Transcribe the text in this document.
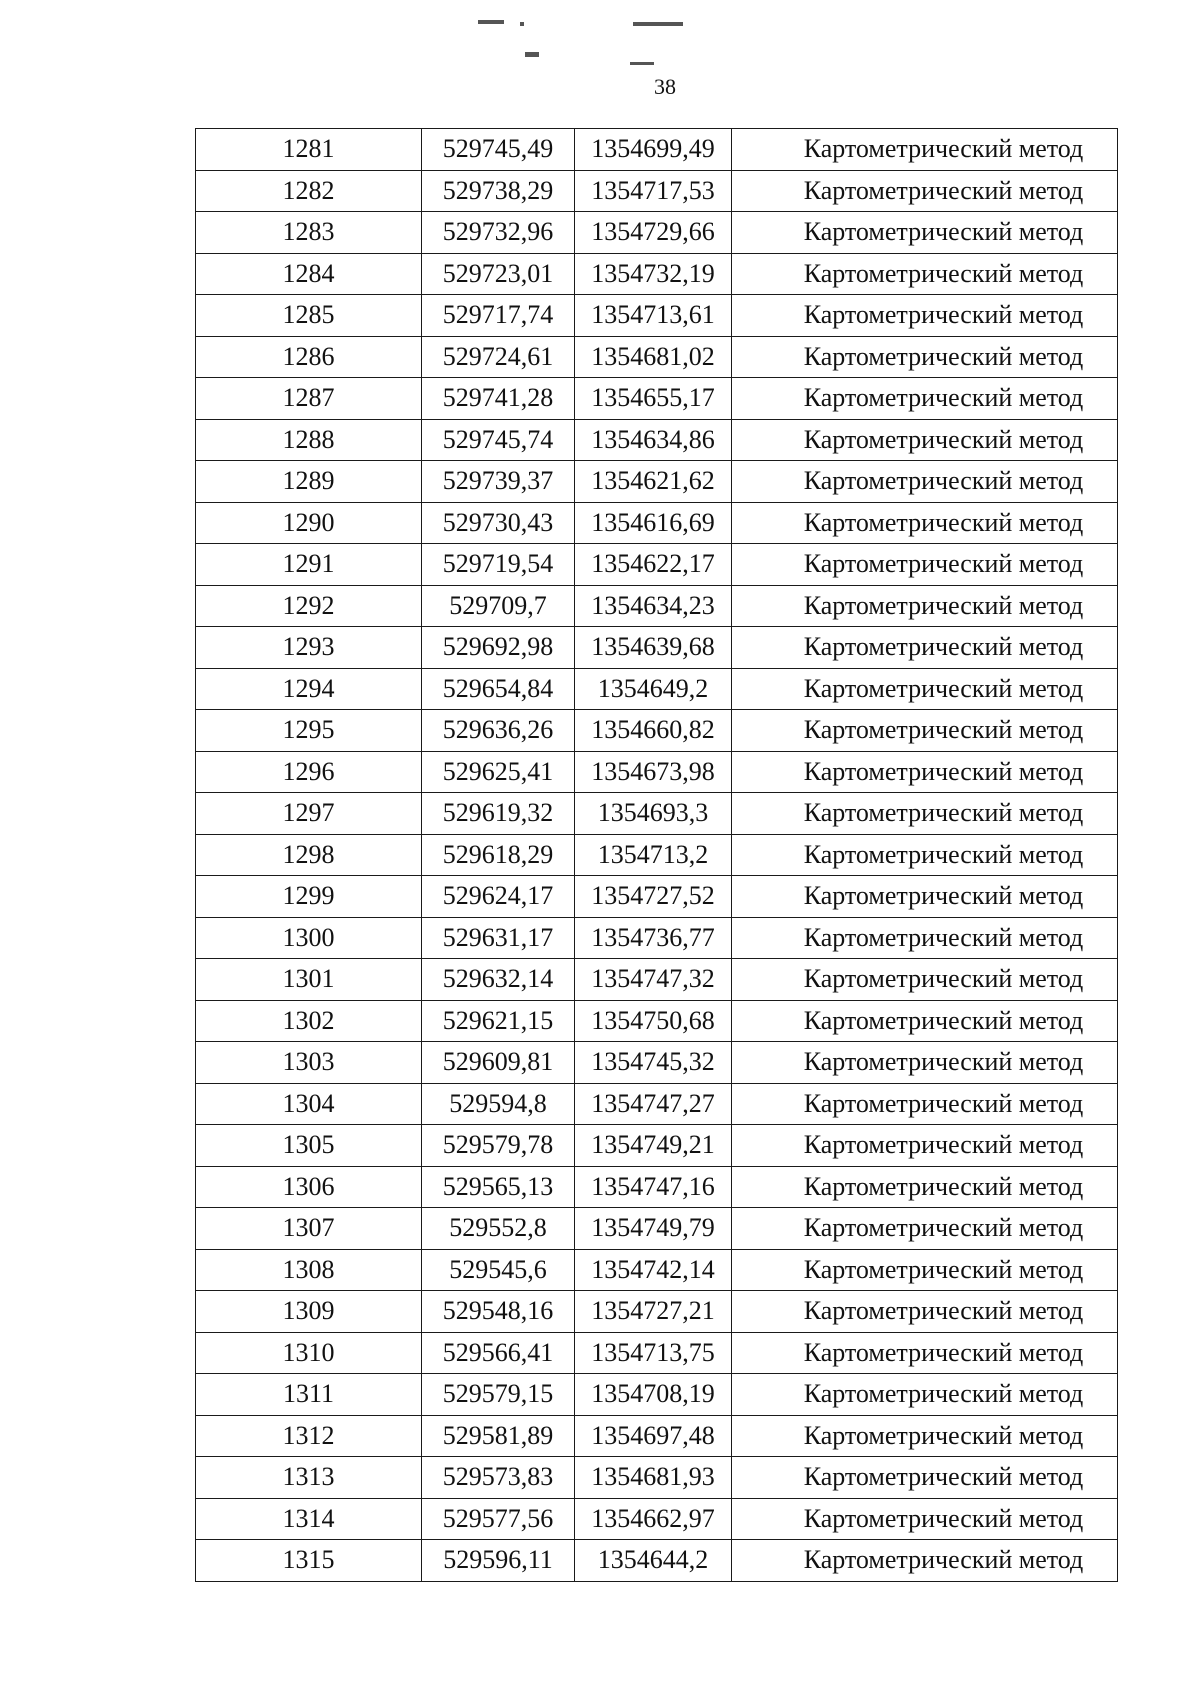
38
1281	529745,49	1354699,49	Картометрический метод
1282	529738,29	1354717,53	Картометрический метод
1283	529732,96	1354729,66	Картометрический метод
1284	529723,01	1354732,19	Картометрический метод
1285	529717,74	1354713,61	Картометрический метод
1286	529724,61	1354681,02	Картометрический метод
1287	529741,28	1354655,17	Картометрический метод
1288	529745,74	1354634,86	Картометрический метод
1289	529739,37	1354621,62	Картометрический метод
1290	529730,43	1354616,69	Картометрический метод
1291	529719,54	1354622,17	Картометрический метод
1292	529709,7	1354634,23	Картометрический метод
1293	529692,98	1354639,68	Картометрический метод
1294	529654,84	1354649,2	Картометрический метод
1295	529636,26	1354660,82	Картометрический метод
1296	529625,41	1354673,98	Картометрический метод
1297	529619,32	1354693,3	Картометрический метод
1298	529618,29	1354713,2	Картометрический метод
1299	529624,17	1354727,52	Картометрический метод
1300	529631,17	1354736,77	Картометрический метод
1301	529632,14	1354747,32	Картометрический метод
1302	529621,15	1354750,68	Картометрический метод
1303	529609,81	1354745,32	Картометрический метод
1304	529594,8	1354747,27	Картометрический метод
1305	529579,78	1354749,21	Картометрический метод
1306	529565,13	1354747,16	Картометрический метод
1307	529552,8	1354749,79	Картометрический метод
1308	529545,6	1354742,14	Картометрический метод
1309	529548,16	1354727,21	Картометрический метод
1310	529566,41	1354713,75	Картометрический метод
1311	529579,15	1354708,19	Картометрический метод
1312	529581,89	1354697,48	Картометрический метод
1313	529573,83	1354681,93	Картометрический метод
1314	529577,56	1354662,97	Картометрический метод
1315	529596,11	1354644,2	Картометрический метод
